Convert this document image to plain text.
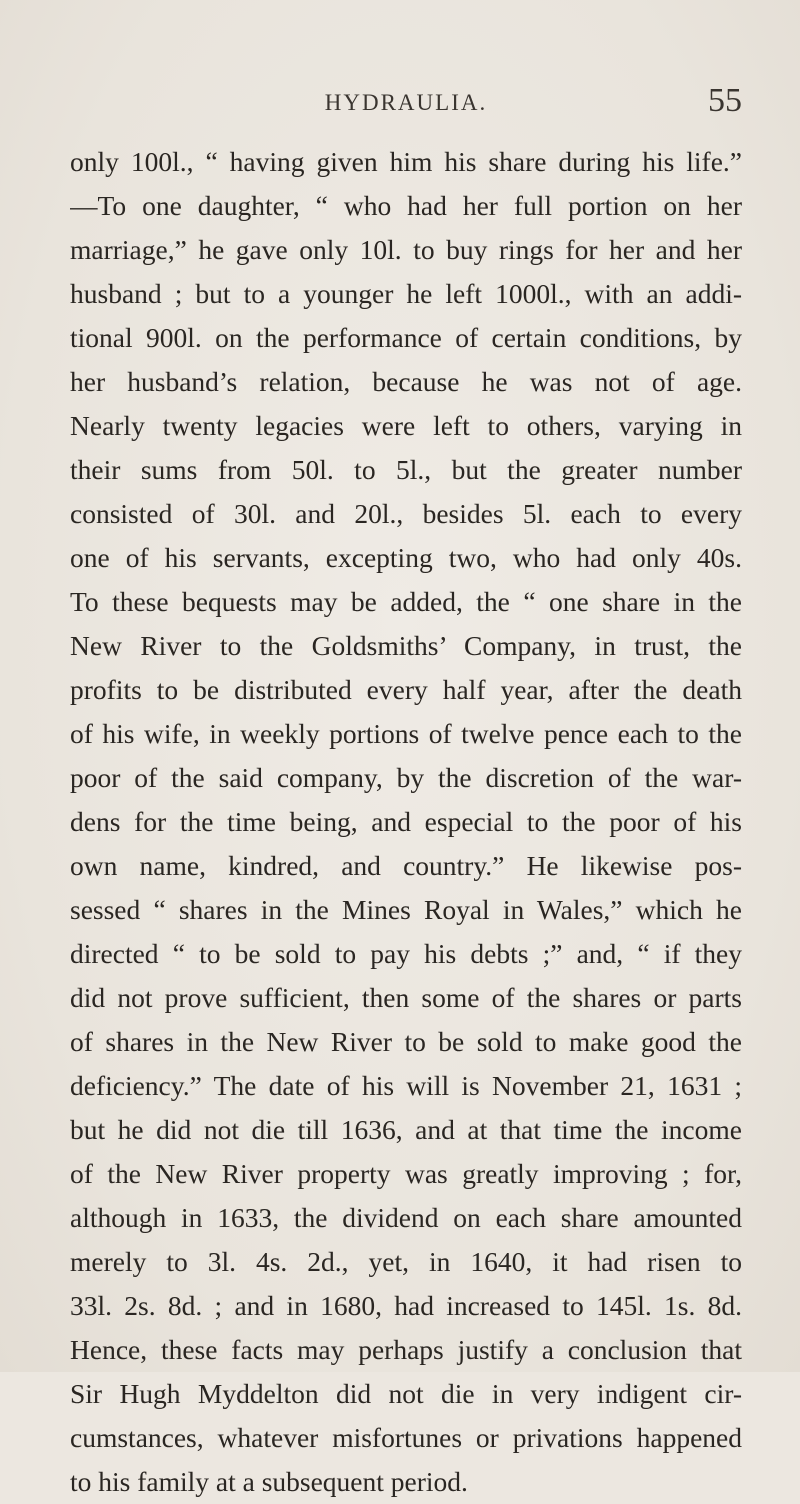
HYDRAULIA.	55
only 100l., “ having given him his share during his life.”
—To one daughter, “ who had her full portion on her
marriage,” he gave only 10l. to buy rings for her and her
husband ; but to a younger he left 1000l., with an addi-
tional 900l. on the performance of certain conditions, by
her husband’s relation, because he was not of age.
Nearly twenty legacies were left to others, varying in
their sums from 50l. to 5l., but the greater number
consisted of 30l. and 20l., besides 5l. each to every
one of his servants, excepting two, who had only 40s.
To these bequests may be added, the “ one share in the
New River to the Goldsmiths’ Company, in trust, the
profits to be distributed every half year, after the death
of his wife, in weekly portions of twelve pence each to the
poor of the said company, by the discretion of the war-
dens for the time being, and especial to the poor of his
own name, kindred, and country.” He likewise pos-
sessed “ shares in the Mines Royal in Wales,” which he
directed “ to be sold to pay his debts ;” and, “ if they
did not prove sufficient, then some of the shares or parts
of shares in the New River to be sold to make good the
deficiency.” The date of his will is November 21, 1631 ;
but he did not die till 1636, and at that time the income
of the New River property was greatly improving ; for,
although in 1633, the dividend on each share amounted
merely to 3l. 4s. 2d., yet, in 1640, it had risen to
33l. 2s. 8d. ; and in 1680, had increased to 145l. 1s. 8d.
Hence, these facts may perhaps justify a conclusion that
Sir Hugh Myddelton did not die in very indigent cir-
cumstances, whatever misfortunes or privations happened
to his family at a subsequent period.
